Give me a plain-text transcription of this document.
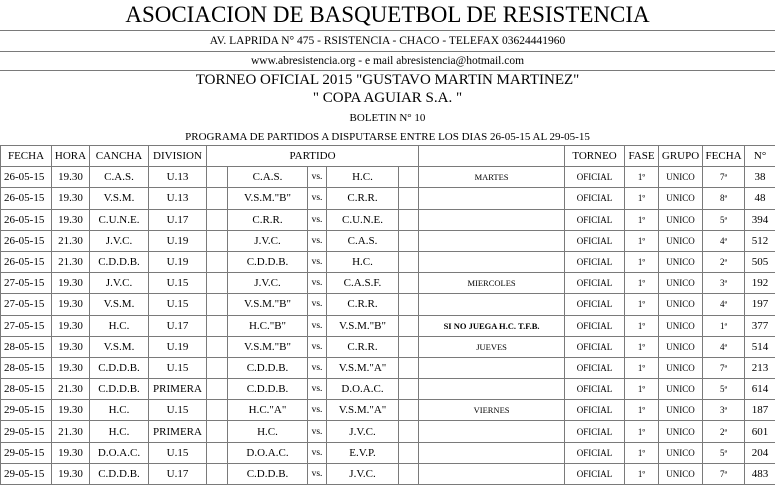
ASOCIACION DE BASQUETBOL DE RESISTENCIA
AV. LAPRIDA N° 475 - RSISTENCIA - CHACO - TELEFAX 03624441960
www.abresistencia.org - e mail abresistencia@hotmail.com
TORNEO OFICIAL 2015 "GUSTAVO MARTIN MARTINEZ"
" COPA AGUIAR S.A. "
BOLETIN N° 10
PROGRAMA DE PARTIDOS A DISPUTARSE ENTRE LOS DIAS 26-05-15 AL 29-05-15
FECHA	HORA	CANCHA	DIVISION	PARTIDO						TORNEO	FASE	GRUPO	FECHA	N°
26-05-15	19.30	C.A.S.	U.13		C.A.S.	vs.	H.C.		MARTES	OFICIAL	1º	UNICO	7ª	38
26-05-15	19.30	V.S.M.	U.13		V.S.M."B"	vs.	C.R.R.			OFICIAL	1º	UNICO	8ª	48
26-05-15	19.30	C.U.N.E.	U.17		C.R.R.	vs.	C.U.N.E.			OFICIAL	1º	UNICO	5ª	394
26-05-15	21.30	J.V.C.	U.19		J.V.C.	vs.	C.A.S.			OFICIAL	1º	UNICO	4ª	512
26-05-15	21.30	C.D.D.B.	U.19		C.D.D.B.	vs.	H.C.			OFICIAL	1º	UNICO	2ª	505
27-05-15	19.30	J.V.C.	U.15		J.V.C.	vs.	C.A.S.F.		MIERCOLES	OFICIAL	1º	UNICO	3ª	192
27-05-15	19.30	V.S.M.	U.15		V.S.M."B"	vs.	C.R.R.			OFICIAL	1º	UNICO	4ª	197
27-05-15	19.30	H.C.	U.17		H.C."B"	vs.	V.S.M."B"		SI NO JUEGA H.C. T.F.B.	OFICIAL	1º	UNICO	1ª	377
28-05-15	19.30	V.S.M.	U.19		V.S.M."B"	vs.	C.R.R.		JUEVES	OFICIAL	1º	UNICO	4ª	514
28-05-15	19.30	C.D.D.B.	U.15		C.D.D.B.	vs.	V.S.M."A"			OFICIAL	1º	UNICO	7ª	213
28-05-15	21.30	C.D.D.B.	PRIMERA		C.D.D.B.	vs.	D.O.A.C.			OFICIAL	1º	UNICO	5ª	614
29-05-15	19.30	H.C.	U.15		H.C."A"	vs.	V.S.M."A"		VIERNES	OFICIAL	1º	UNICO	3ª	187
29-05-15	21.30	H.C.	PRIMERA		H.C.	vs.	J.V.C.			OFICIAL	1º	UNICO	2ª	601
29-05-15	19.30	D.O.A.C.	U.15		D.O.A.C.	vs.	E.V.P.			OFICIAL	1º	UNICO	5ª	204
29-05-15	19.30	C.D.D.B.	U.17		C.D.D.B.	vs.	J.V.C.			OFICIAL	1º	UNICO	7ª	483
